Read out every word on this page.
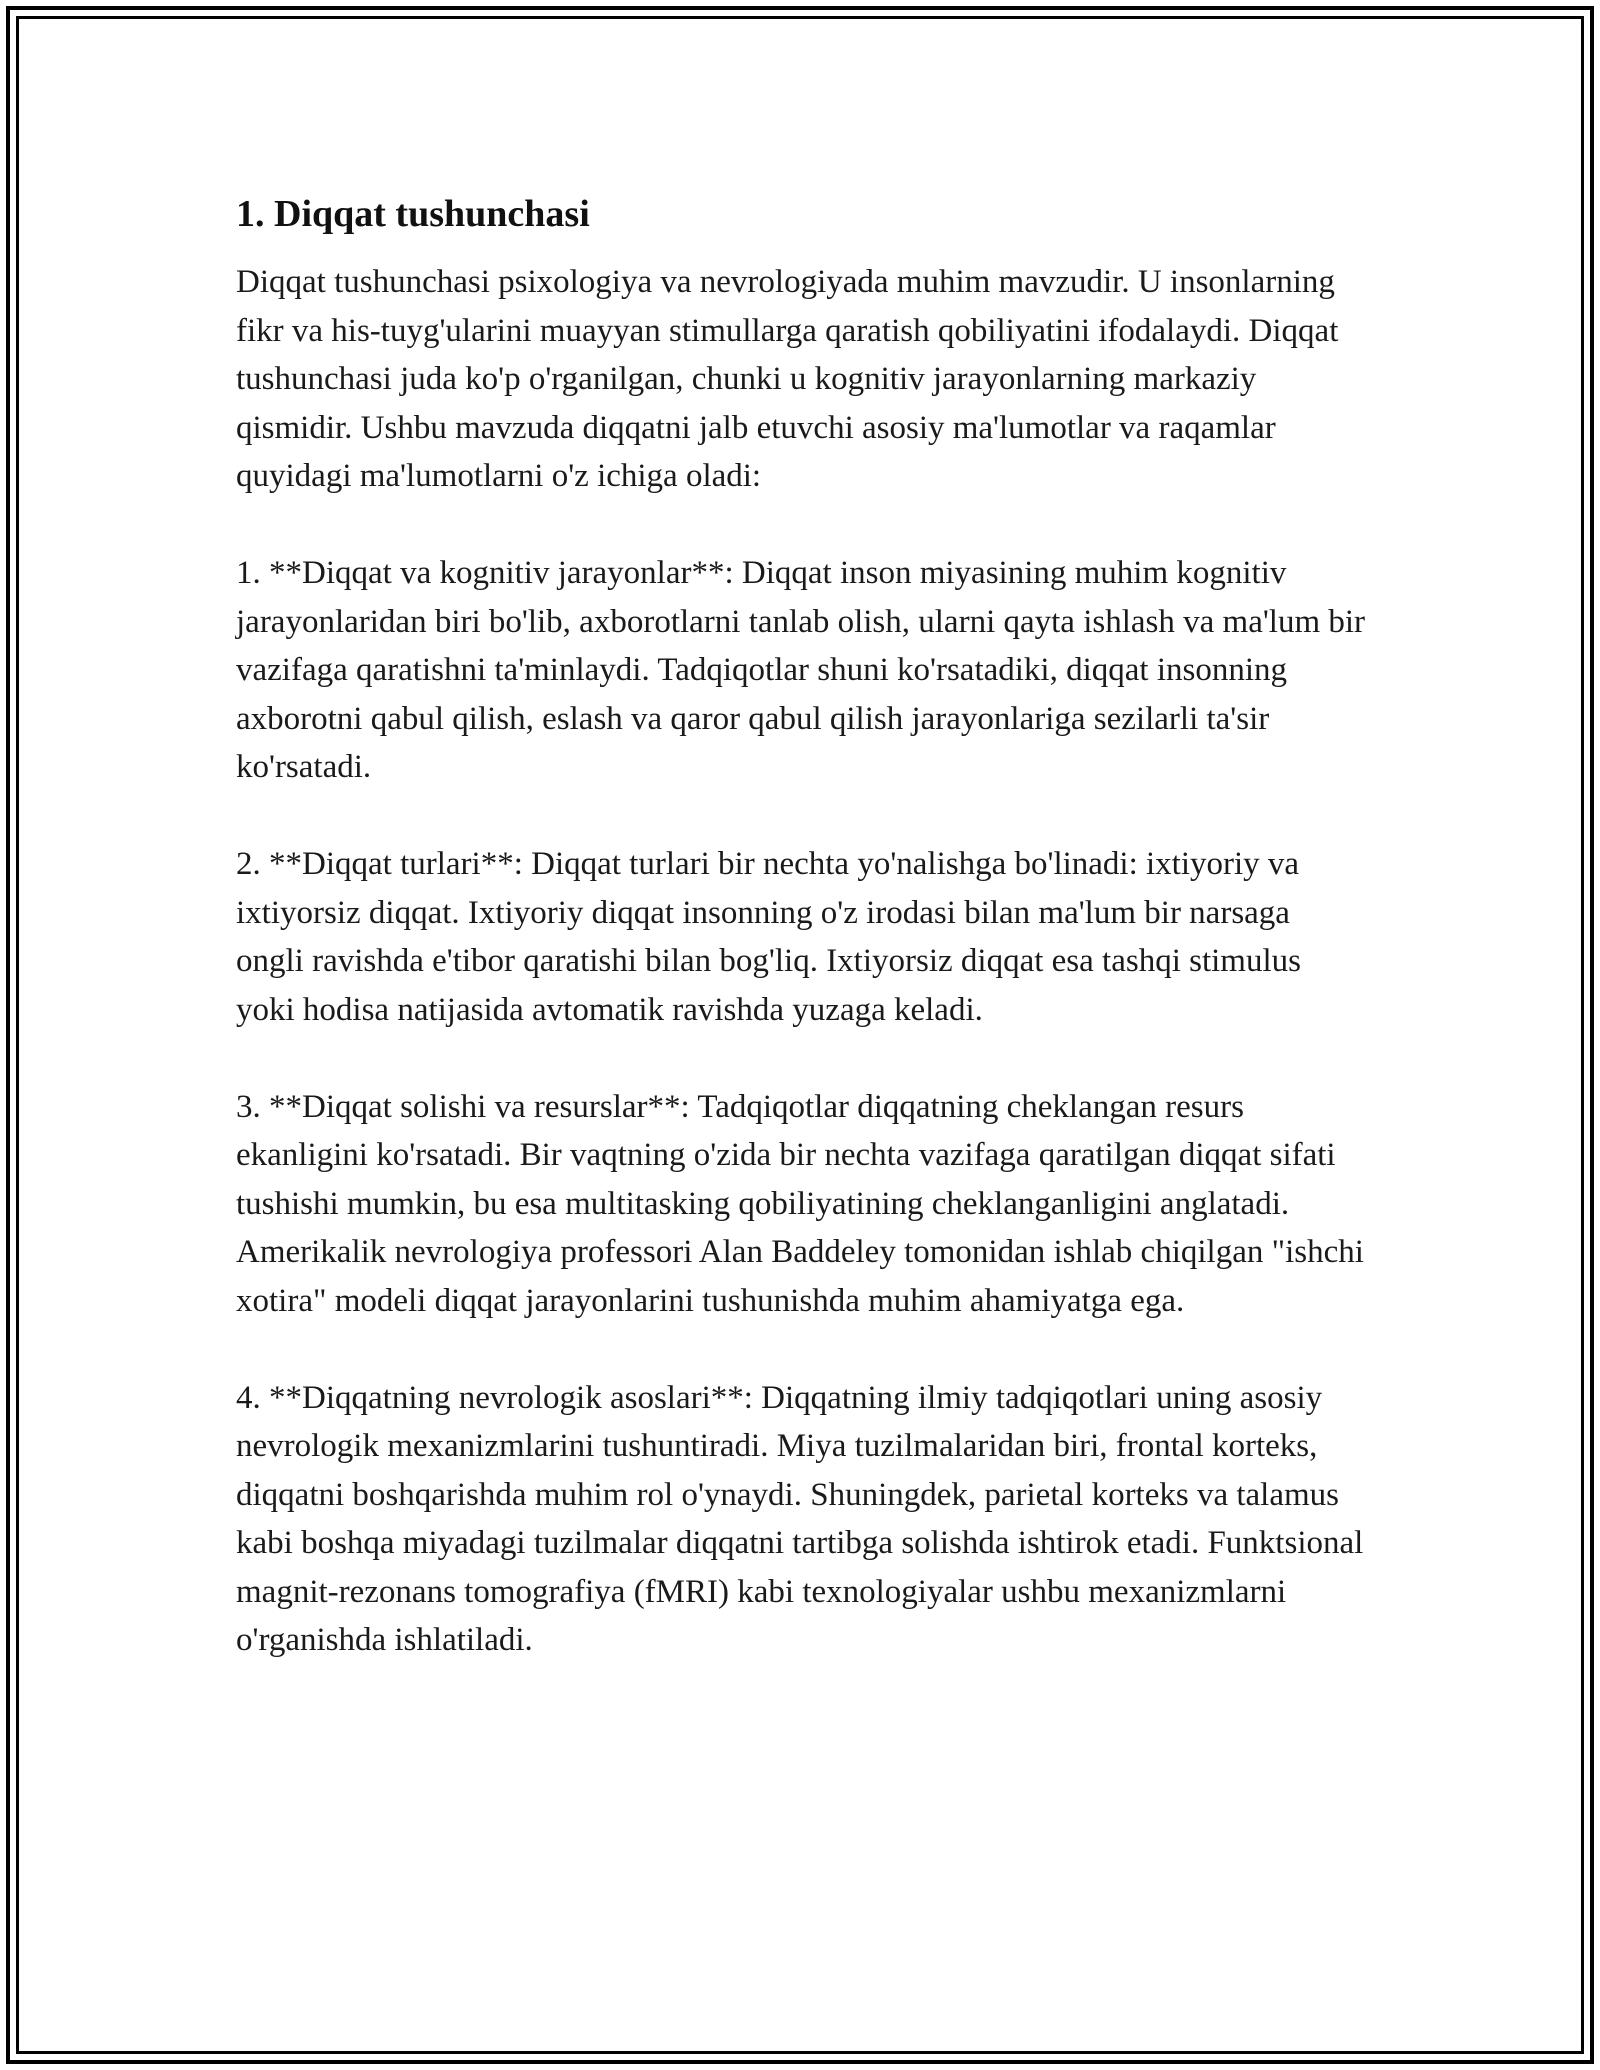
1. Diqqat tushunchasi

Diqqat tushunchasi psixologiya va nevrologiyada muhim mavzudir. U insonlarning fikr va his-tuyg'ularini muayyan stimullarga qaratish qobiliyatini ifodalaydi. Diqqat tushunchasi juda ko'p o'rganilgan, chunki u kognitiv jarayonlarning markaziy qismidir. Ushbu mavzuda diqqatni jalb etuvchi asosiy ma'lumotlar va raqamlar quyidagi ma'lumotlarni o'z ichiga oladi:

1. **Diqqat va kognitiv jarayonlar**: Diqqat inson miyasining muhim kognitiv jarayonlaridan biri bo'lib, axborotlarni tanlab olish, ularni qayta ishlash va ma'lum bir vazifaga qaratishni ta'minlaydi. Tadqiqotlar shuni ko'rsatadiki, diqqat insonning axborotni qabul qilish, eslash va qaror qabul qilish jarayonlariga sezilarli ta'sir ko'rsatadi.

2. **Diqqat turlari**: Diqqat turlari bir nechta yo'nalishga bo'linadi: ixtiyoriy va ixtiyorsiz diqqat. Ixtiyoriy diqqat insonning o'z irodasi bilan ma'lum bir narsaga ongli ravishda e'tibor qaratishi bilan bog'liq. Ixtiyorsiz diqqat esa tashqi stimulus yoki hodisa natijasida avtomatik ravishda yuzaga keladi.

3. **Diqqat solishi va resurslar**: Tadqiqotlar diqqatning cheklangan resurs ekanligini ko'rsatadi. Bir vaqtning o'zida bir nechta vazifaga qaratilgan diqqat sifati tushishi mumkin, bu esa multitasking qobiliyatining cheklanganligini anglatadi. Amerikalik nevrologiya professori Alan Baddeley tomonidan ishlab chiqilgan "ishchi xotira" modeli diqqat jarayonlarini tushunishda muhim ahamiyatga ega.

4. **Diqqatning nevrologik asoslari**: Diqqatning ilmiy tadqiqotlari uning asosiy nevrologik mexanizmlarini tushuntiradi. Miya tuzilmalaridan biri, frontal korteks, diqqatni boshqarishda muhim rol o'ynaydi. Shuningdek, parietal korteks va talamus kabi boshqa miyadagi tuzilmalar diqqatni tartibga solishda ishtirok etadi. Funktsional magnit-rezonans tomografiya (fMRI) kabi texnologiyalar ushbu mexanizmlarni o'rganishda ishlatiladi.
